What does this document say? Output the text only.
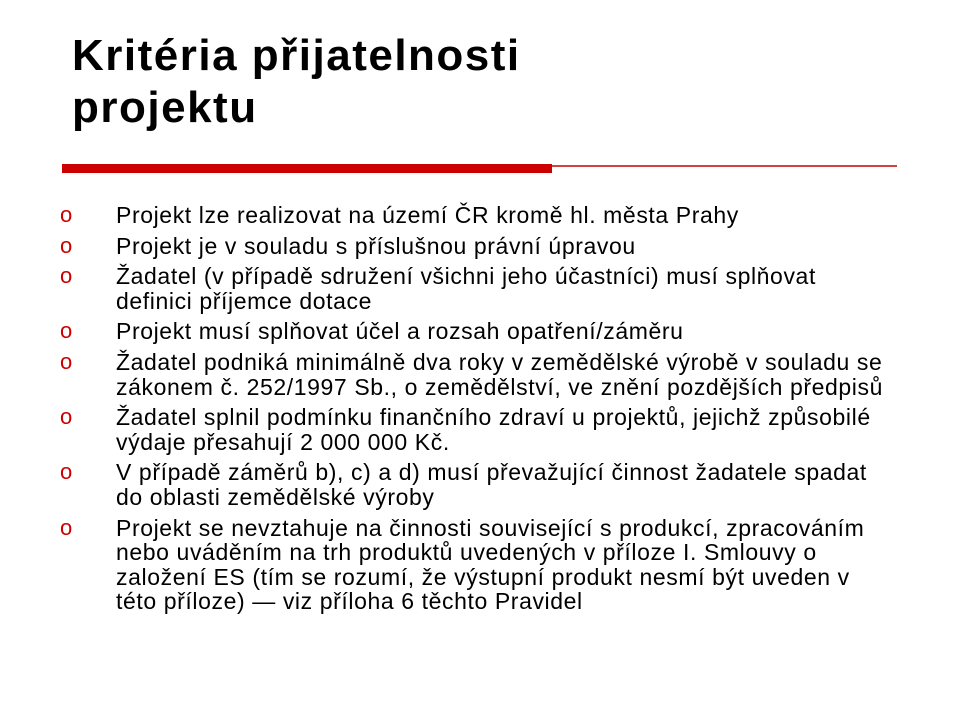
Kritéria přijatelnosti
projektu
o	Projekt lze realizovat na území ČR kromě hl. města Prahy
o	Projekt je v souladu s příslušnou právní úpravou
o	Žadatel (v případě sdružení všichni jeho účastníci) musí splňovat definici příjemce dotace
o	Projekt musí splňovat účel a rozsah opatření/záměru
o	Žadatel podniká minimálně dva roky v zemědělské výrobě v souladu se zákonem č. 252/1997 Sb., o zemědělství, ve znění pozdějších předpisů
o	Žadatel splnil podmínku finančního zdraví u projektů, jejichž způsobilé výdaje přesahují 2 000 000 Kč.
o	V případě záměrů b), c) a d) musí převažující činnost žadatele spadat do oblasti zemědělské výroby
o	Projekt se nevztahuje na činnosti související s produkcí, zpracováním nebo uváděním na trh produktů uvedených v příloze I. Smlouvy o založení ES (tím se rozumí, že výstupní produkt nesmí být uveden v této příloze) — viz příloha 6 těchto Pravidel
